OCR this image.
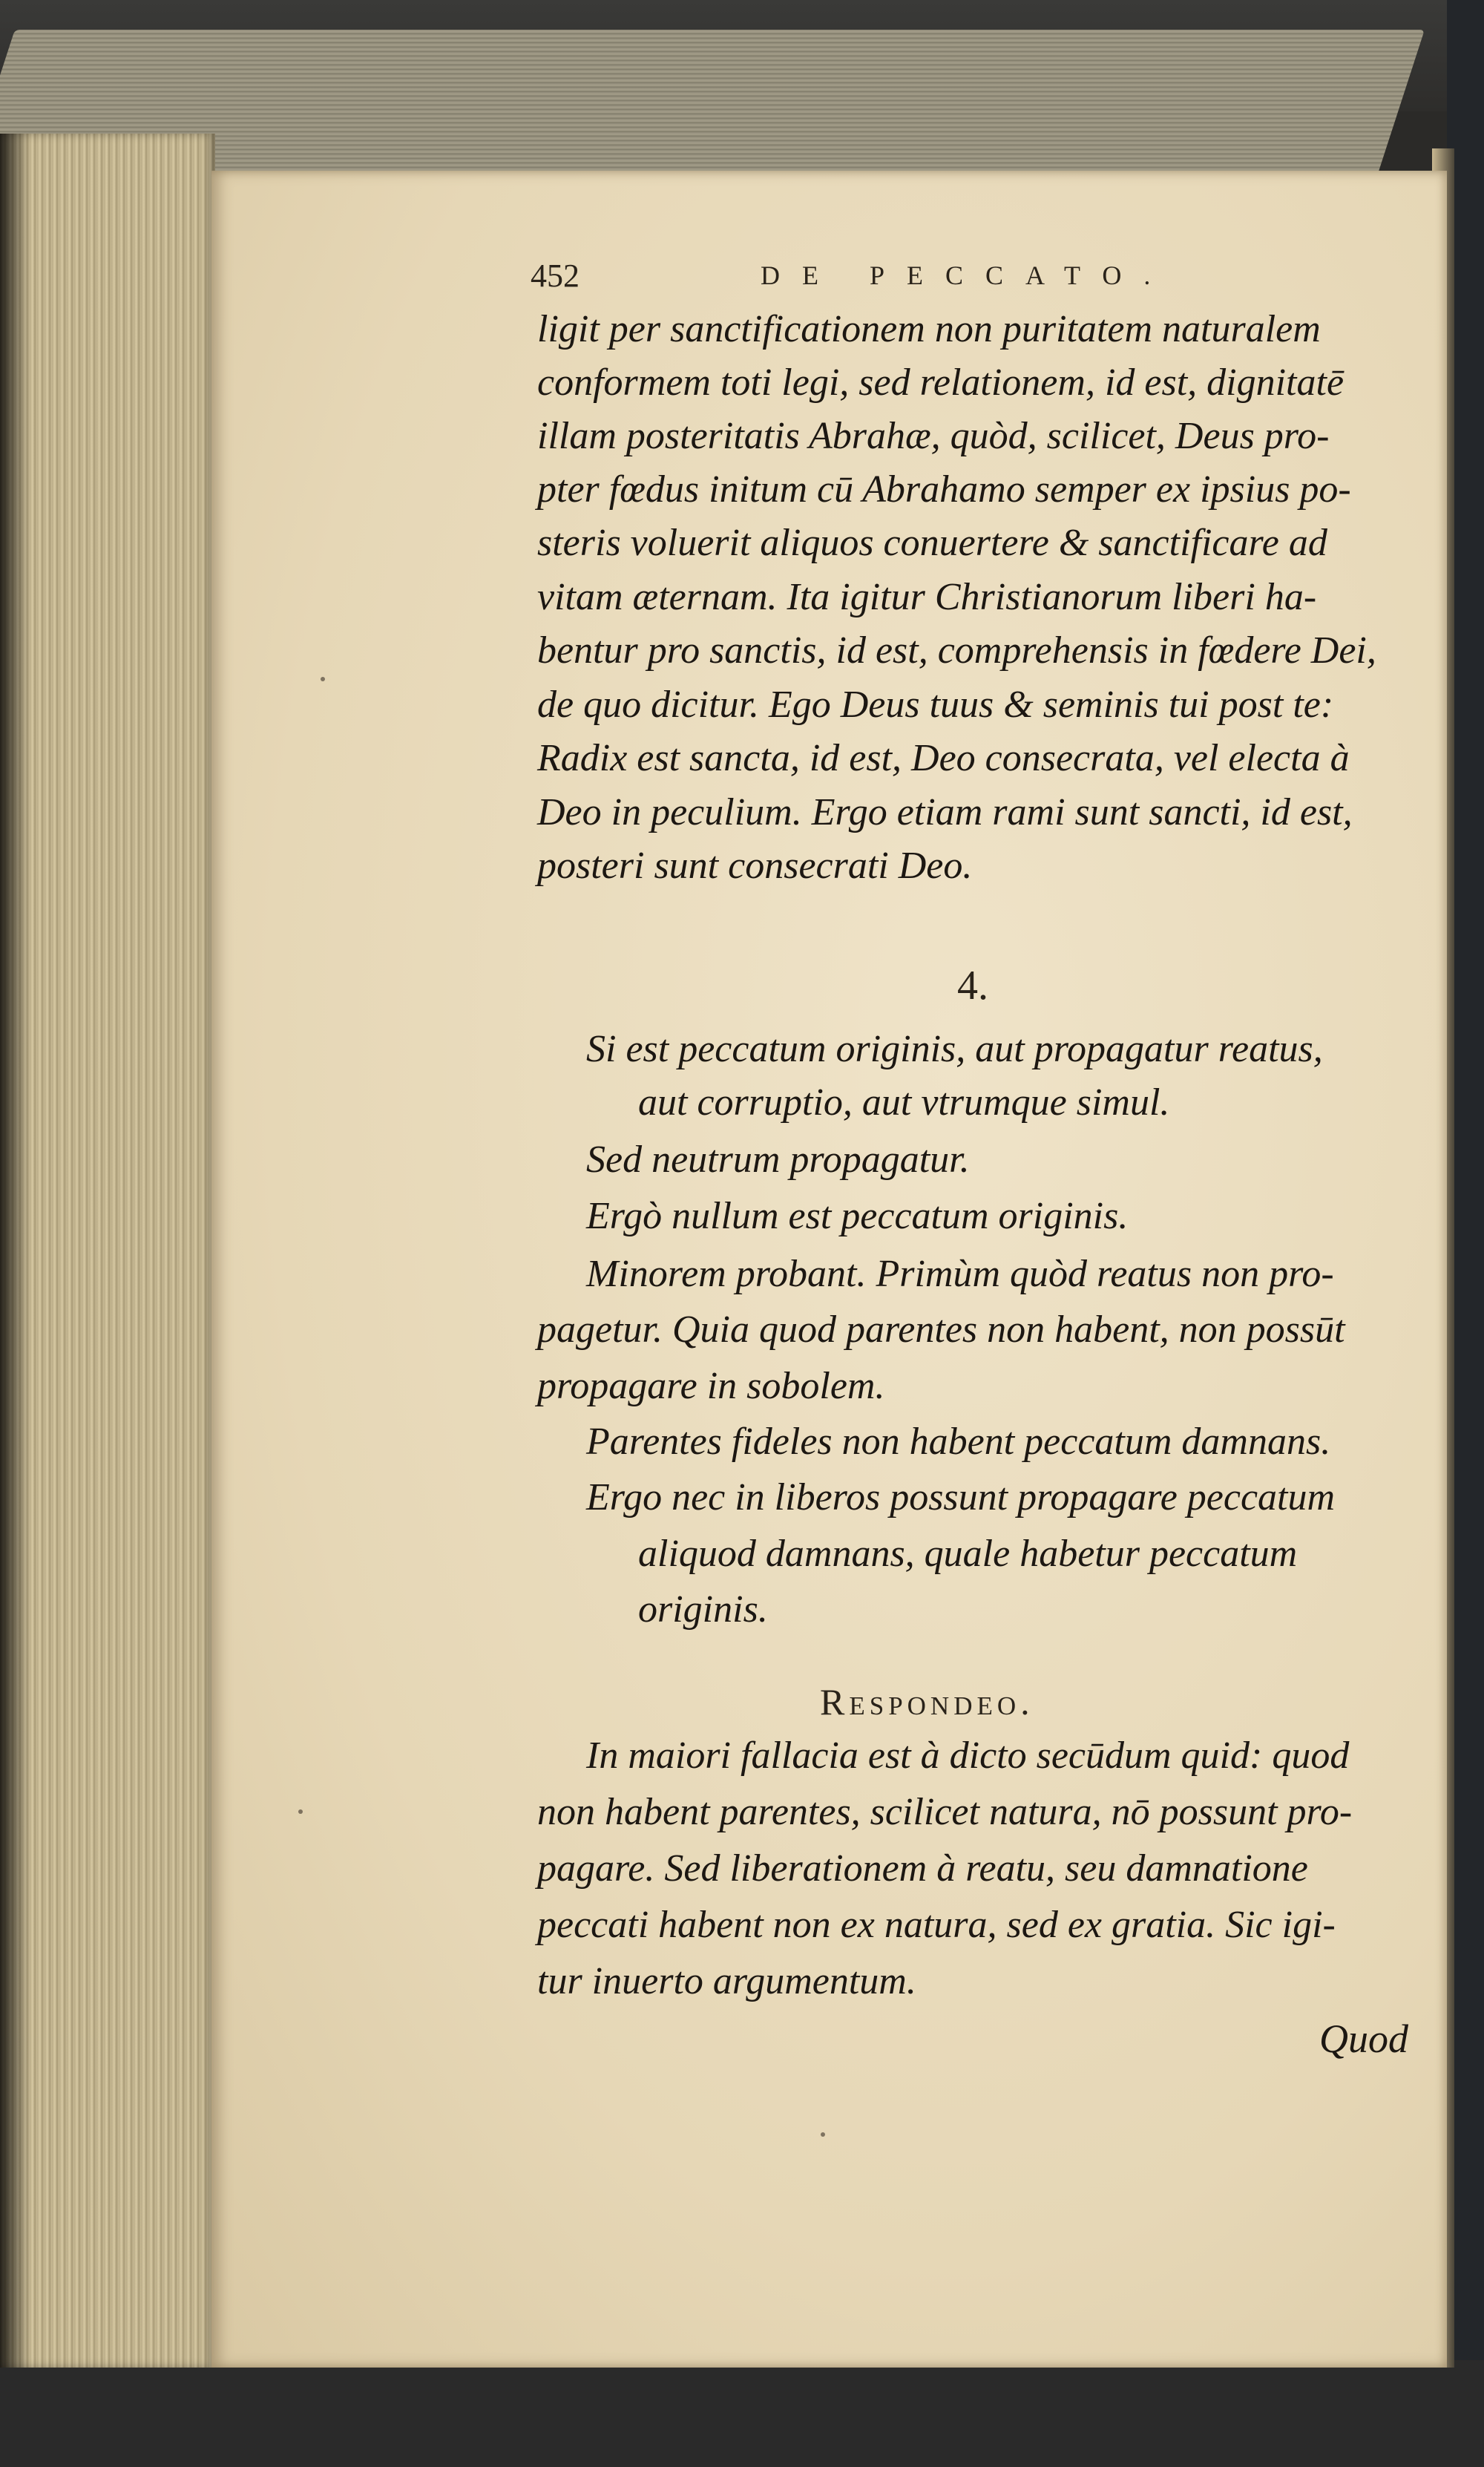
452	DE PECCATO.
ligit per sanctificationem non puritatem naturalem
conformem toti legi, sed relationem, id est, dignitatē
illam posteritatis Abrahæ, quòd, scilicet, Deus pro-
pter fœdus initum cū Abrahamo semper ex ipsius po-
steris voluerit aliquos conuertere & sanctificare ad
vitam æternam. Ita igitur Christianorum liberi ha-
bentur pro sanctis, id est, comprehensis in fœdere Dei,
de quo dicitur. Ego Deus tuus & seminis tui post te:
Radix est sancta, id est, Deo consecrata, vel electa à
Deo in peculium. Ergo etiam rami sunt sancti, id est,
posteri sunt consecrati Deo.
4.
Si est peccatum originis, aut propagatur reatus,
aut corruptio, aut vtrumque simul.
Sed neutrum propagatur.
Ergò nullum est peccatum originis.
Minorem probant. Primùm quòd reatus non pro-
pagetur. Quia quod parentes non habent, non possūt
propagare in sobolem.
Parentes fideles non habent peccatum damnans.
Ergo nec in liberos possunt propagare peccatum
aliquod damnans, quale habetur peccatum
originis.
Respondeo.
In maiori fallacia est à dicto secūdum quid: quod
non habent parentes, scilicet natura, nō possunt pro-
pagare. Sed liberationem à reatu, seu damnatione
peccati habent non ex natura, sed ex gratia. Sic igi-
tur inuerto argumentum.
Quod
